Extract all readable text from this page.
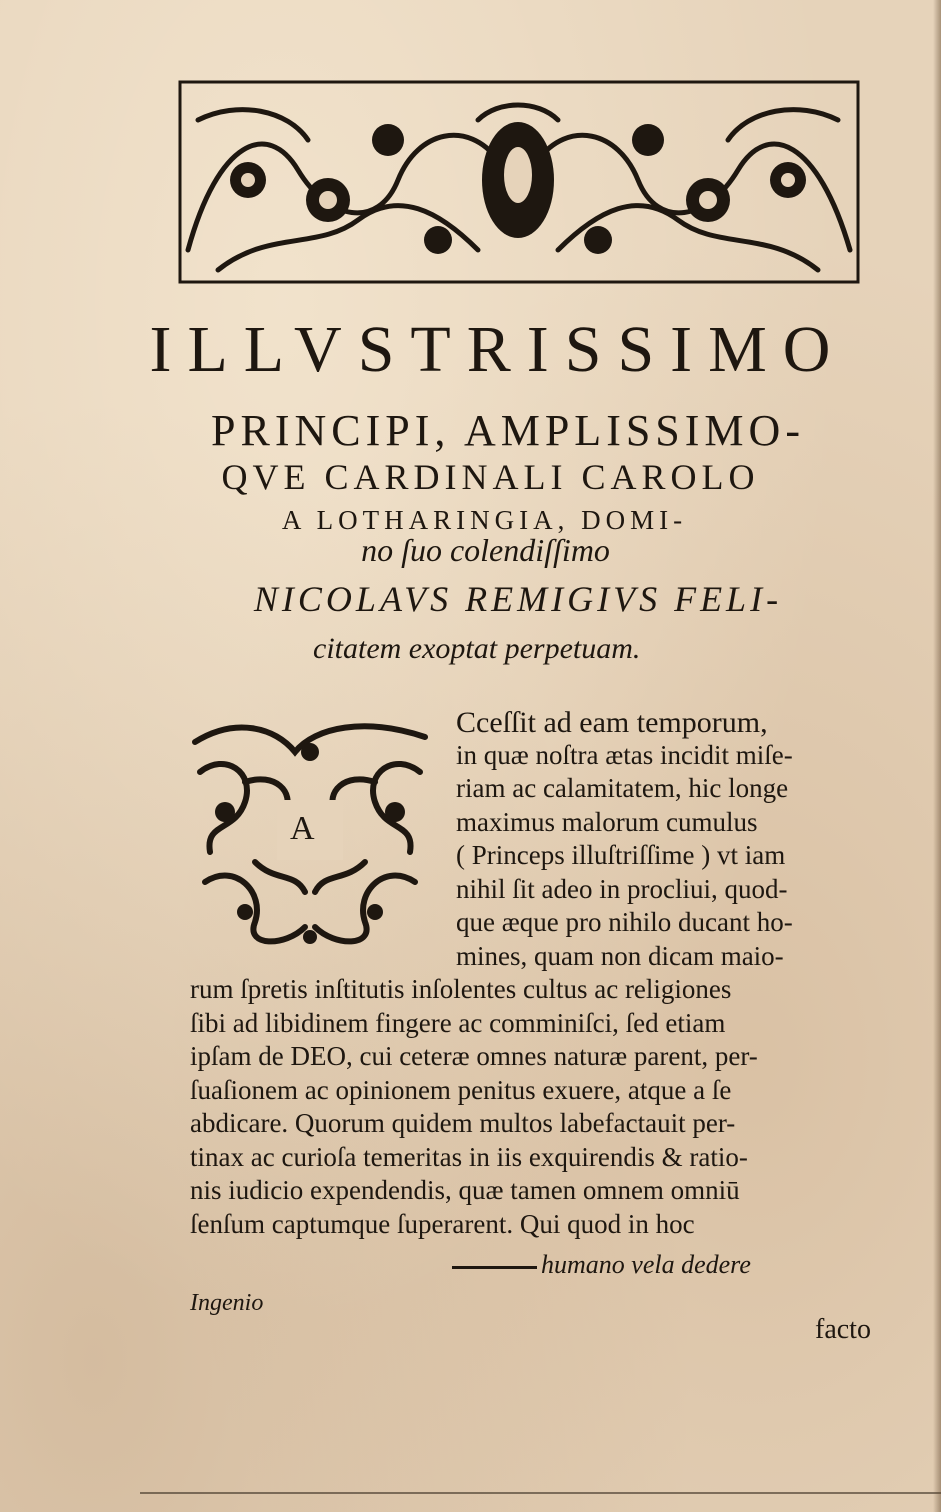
ILLVSTRISSIMO
PRINCIPI, AMPLISSIMO-
QVE CARDINALI CAROLO
A LOTHARINGIA, DOMI-
no ſuo colendiſſimo
NICOLAVS REMIGIVS FELI-
citatem exoptat perpetuam.
A
Cceſſit ad eam temporum,
in quæ noſtra ætas incidit miſe-
riam ac calamitatem, hic longe
maximus malorum cumulus
( Princeps illuſtriſſime ) vt iam
nihil ſit adeo in procliui, quod-
que æque pro nihilo ducant ho-
mines, quam non dicam maio-
rum ſpretis inſtitutis inſolentes cultus ac religiones
ſibi ad libidinem fingere ac comminiſci, ſed etiam
ipſam de DEO, cui ceteræ omnes naturæ parent, per-
ſuaſionem ac opinionem penitus exuere, atque a ſe
abdicare. Quorum quidem multos labefactauit per-
tinax ac curioſa temeritas in iis exquirendis & ratio-
nis iudicio expendendis, quæ tamen omnem omniū
ſenſum captumque ſuperarent. Qui quod in hoc
humano vela dedere
Ingenio
facto
